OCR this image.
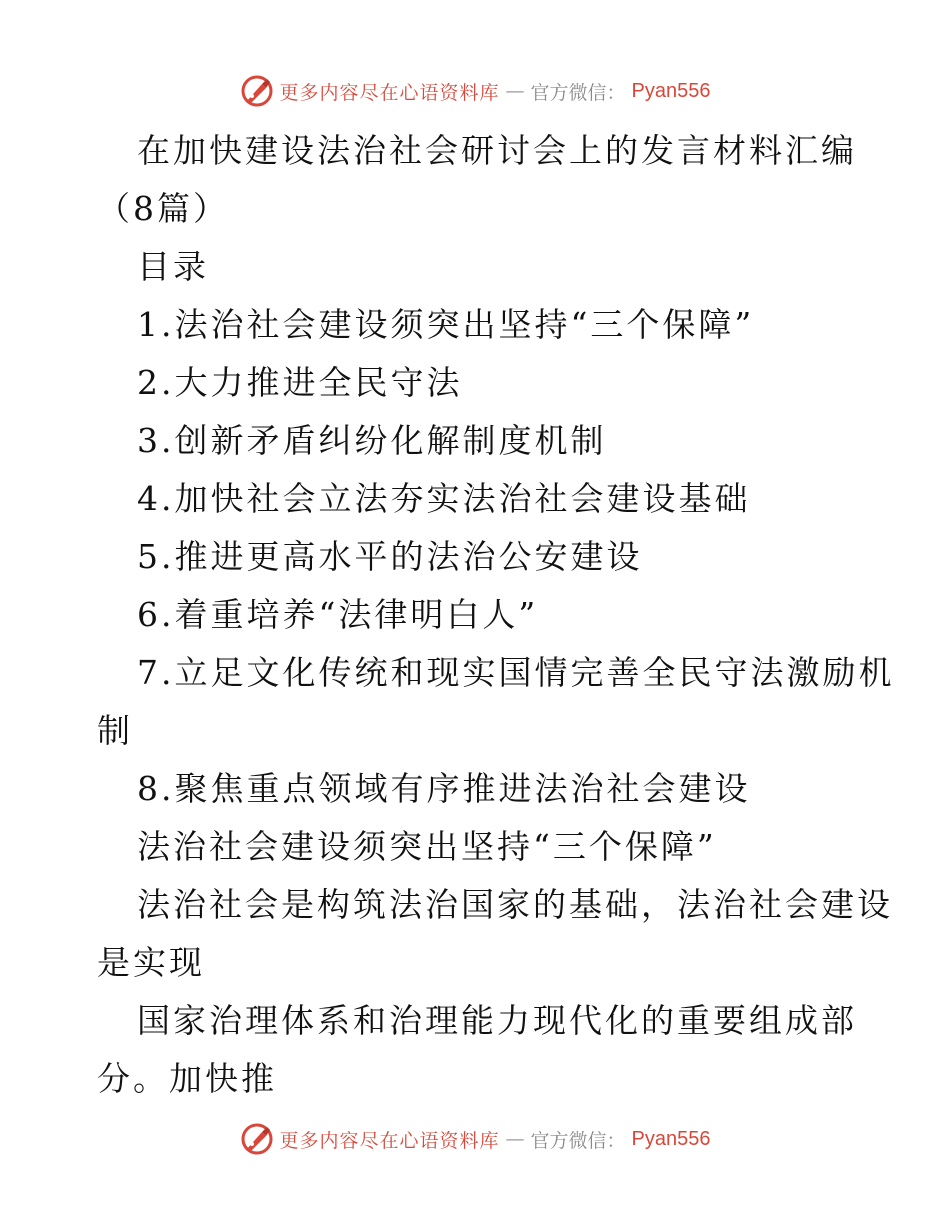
更多内容尽在心语资料库 — 官方微信： Pyan556
在加快建设法治社会研讨会上的发言材料汇编
（8篇）
目录
1.法治社会建设须突出坚持“三个保障”
2.大力推进全民守法
3.创新矛盾纠纷化解制度机制
4.加快社会立法夯实法治社会建设基础
5.推进更高水平的法治公安建设
6.着重培养“法律明白人”
7.立足文化传统和现实国情完善全民守法激励机
制
8.聚焦重点领域有序推进法治社会建设
法治社会建设须突出坚持“三个保障”
法治社会是构筑法治国家的基础，法治社会建设
是实现
国家治理体系和治理能力现代化的重要组成部
分。加快推
更多内容尽在心语资料库 — 官方微信： Pyan556
